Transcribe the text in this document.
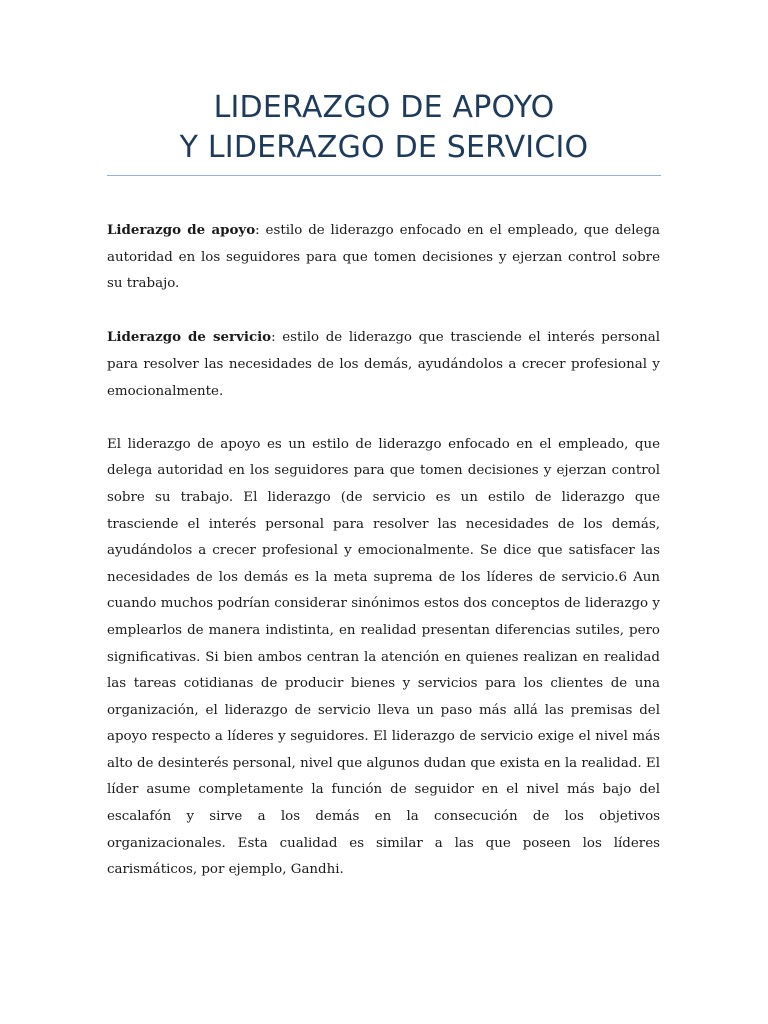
LIDERAZGO DE APOYO
Y LIDERAZGO DE SERVICIO

Liderazgo de apoyo: estilo de liderazgo enfocado en el empleado, que delega autoridad en los seguidores para que tomen decisiones y ejerzan control sobre su trabajo.

Liderazgo de servicio: estilo de liderazgo que trasciende el interés personal para resolver las necesidades de los demás, ayudándolos a crecer profesional y emocionalmente.

El liderazgo de apoyo es un estilo de liderazgo enfocado en el empleado, que delega autoridad en los seguidores para que tomen decisiones y ejerzan control sobre su trabajo. El liderazgo (de servicio es un estilo de liderazgo que trasciende el interés personal para resolver las necesidades de los demás, ayudándolos a crecer profesional y emocionalmente. Se dice que satisfacer las necesidades de los demás es la meta suprema de los líderes de servicio.6 Aun cuando muchos podrían considerar sinónimos estos dos conceptos de liderazgo y emplearlos de manera indistinta, en realidad presentan diferencias sutiles, pero significativas. Si bien ambos centran la atención en quienes realizan en realidad las tareas cotidianas de producir bienes y servicios para los clientes de una organización, el liderazgo de servicio lleva un paso más allá las premisas del apoyo respecto a líderes y seguidores. El liderazgo de servicio exige el nivel más alto de desinterés personal, nivel que algunos dudan que exista en la realidad. El líder asume completamente la función de seguidor en el nivel más bajo del escalafón y sirve a los demás en la consecución de los objetivos organizacionales. Esta cualidad es similar a las que poseen los líderes carismáticos, por ejemplo, Gandhi.
